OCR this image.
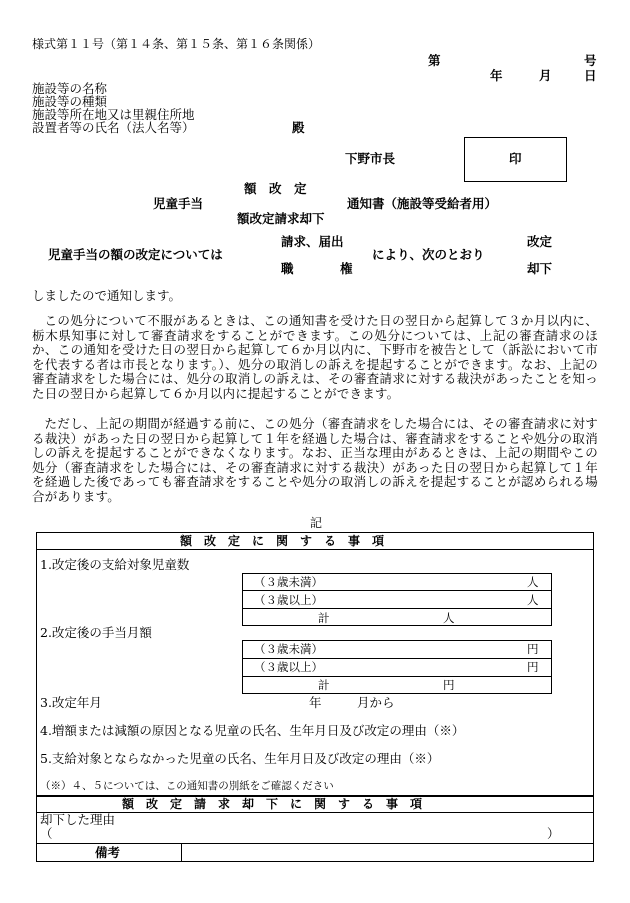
様式第１１号（第１４条、第１５条、第１６条関係）
第	号
年	月	日
施設等の名称
施設等の種類
施設等所在地又は里親住所地
設置者等の氏名（法人名等）	殿
下野市長	印
額　改　定
児童手当	通知書（施設等受給者用）
額改定請求却下
児童手当の額の改定については
請求、届出
職	権
により、次のとおり
改定
却下
しましたので通知します。
この処分について不服があるときは、この通知書を受けた日の翌日から起算して３か月以内に、栃木県知事に対して審査請求をすることができます。この処分については、上記の審査請求のほか、この通知を受けた日の翌日から起算して６か月以内に、下野市を被告として（訴訟において市を代表する者は市長となります。）、処分の取消しの訴えを提起することができます。なお、上記の審査請求をした場合には、処分の取消しの訴えは、その審査請求に対する裁決があったことを知った日の翌日から起算して６か月以内に提起することができます。
ただし、上記の期間が経過する前に、この処分（審査請求をした場合には、その審査請求に対する裁決）があった日の翌日から起算して１年を経過した場合は、審査請求をすることや処分の取消しの訴えを提起することができなくなります。なお、正当な理由があるときは、上記の期間やこの処分（審査請求をした場合には、その審査請求に対する裁決）があった日の翌日から起算して１年を経過した後であっても審査請求をすることや処分の取消しの訴えを提起することが認められる場合があります。
記
額　改　定　に　関　す　る　事　項
1.改定後の支給対象児童数
（３歳未満）	人
（３歳以上）	人
計	人
2.改定後の手当月額
（３歳未満）	円
（３歳以上）	円
計	円
3.改定年月	年	月から
4.増額または減額の原因となる児童の氏名、生年月日及び改定の理由（※）
5.支給対象とならなかった児童の氏名、生年月日及び改定の理由（※）
（※）４、５については、この通知書の別紙をご確認ください
額　改　定　請　求　却　下　に　関　す　る　事　項
却下した理由
（	）
備考
